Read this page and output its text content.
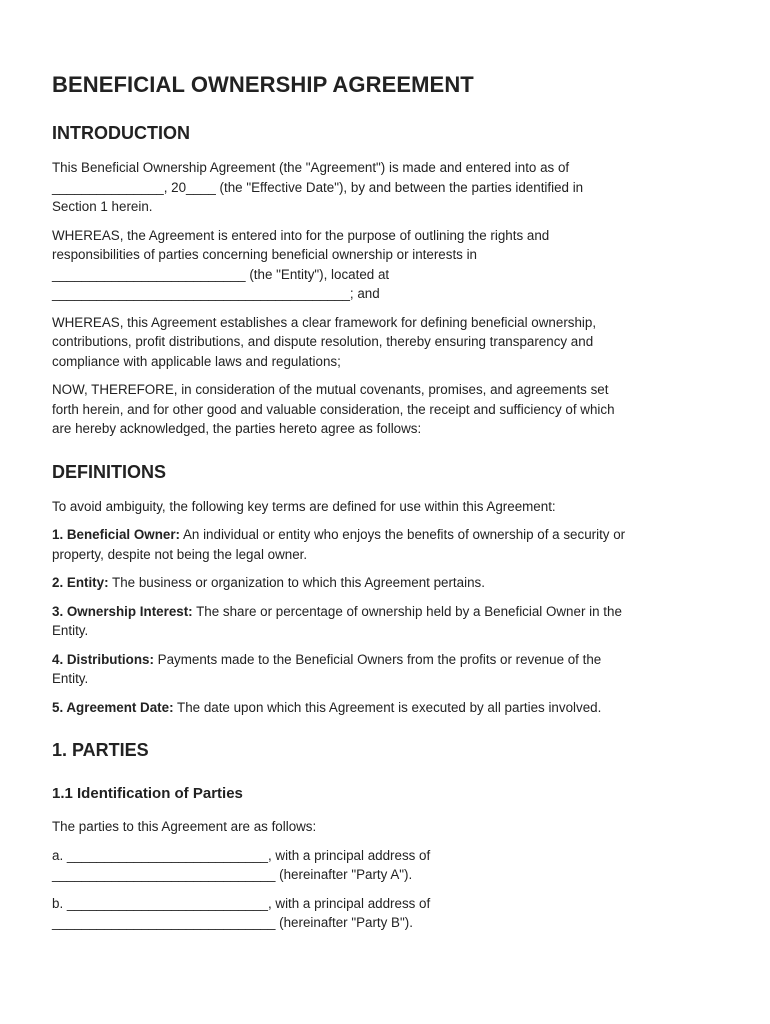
BENEFICIAL OWNERSHIP AGREEMENT
INTRODUCTION

This Beneficial Ownership Agreement (the "Agreement") is made and entered into as of
_______________, 20____ (the "Effective Date"), by and between the parties identified in
Section 1 herein.

WHEREAS, the Agreement is entered into for the purpose of outlining the rights and
responsibilities of parties concerning beneficial ownership or interests in
__________________________ (the "Entity"), located at
________________________________________; and

WHEREAS, this Agreement establishes a clear framework for defining beneficial ownership,
contributions, profit distributions, and dispute resolution, thereby ensuring transparency and
compliance with applicable laws and regulations;

NOW, THEREFORE, in consideration of the mutual covenants, promises, and agreements set
forth herein, and for other good and valuable consideration, the receipt and sufficiency of which
are hereby acknowledged, the parties hereto agree as follows:

DEFINITIONS

To avoid ambiguity, the following key terms are defined for use within this Agreement:

1. Beneficial Owner: An individual or entity who enjoys the benefits of ownership of a security or
property, despite not being the legal owner.

2. Entity: The business or organization to which this Agreement pertains.

3. Ownership Interest: The share or percentage of ownership held by a Beneficial Owner in the
Entity.

4. Distributions: Payments made to the Beneficial Owners from the profits or revenue of the
Entity.

5. Agreement Date: The date upon which this Agreement is executed by all parties involved.

1. PARTIES
1.1 Identification of Parties

The parties to this Agreement are as follows:

a. ___________________________, with a principal address of
______________________________ (hereinafter "Party A").

b. ___________________________, with a principal address of
______________________________ (hereinafter "Party B").
